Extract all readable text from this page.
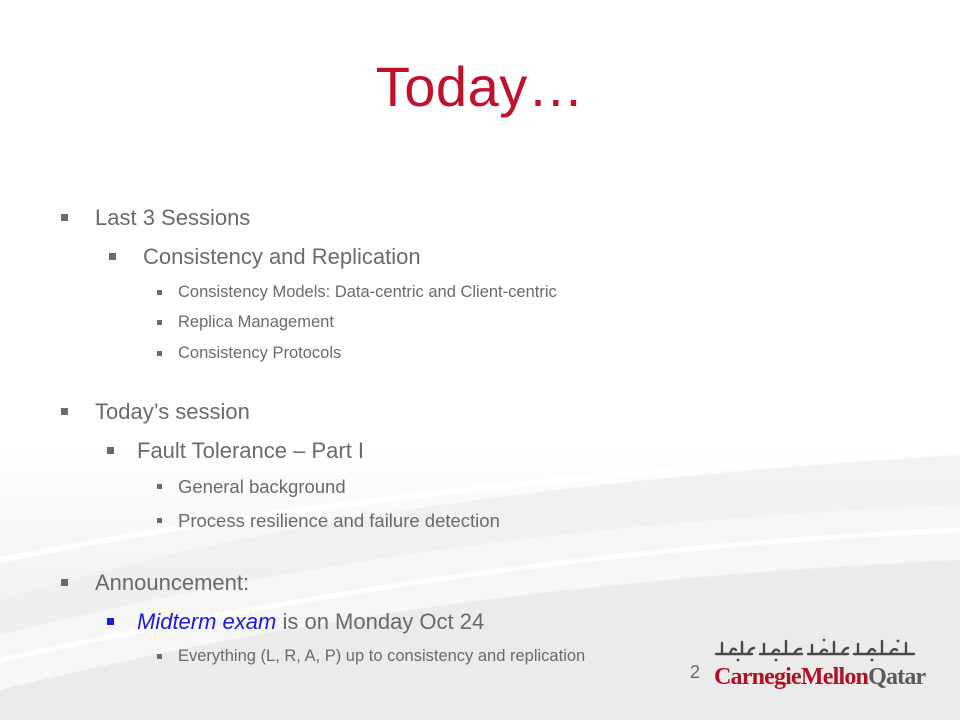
Today…
Last 3 Sessions
Consistency and Replication
Consistency Models: Data-centric and Client-centric
Replica Management
Consistency Protocols
Today’s session
Fault Tolerance – Part I
General background
Process resilience and failure detection
Announcement:
Midterm exam is on Monday Oct 24
Everything (L, R, A, P) up to consistency and replication
2 CarnegieMellonQatar
